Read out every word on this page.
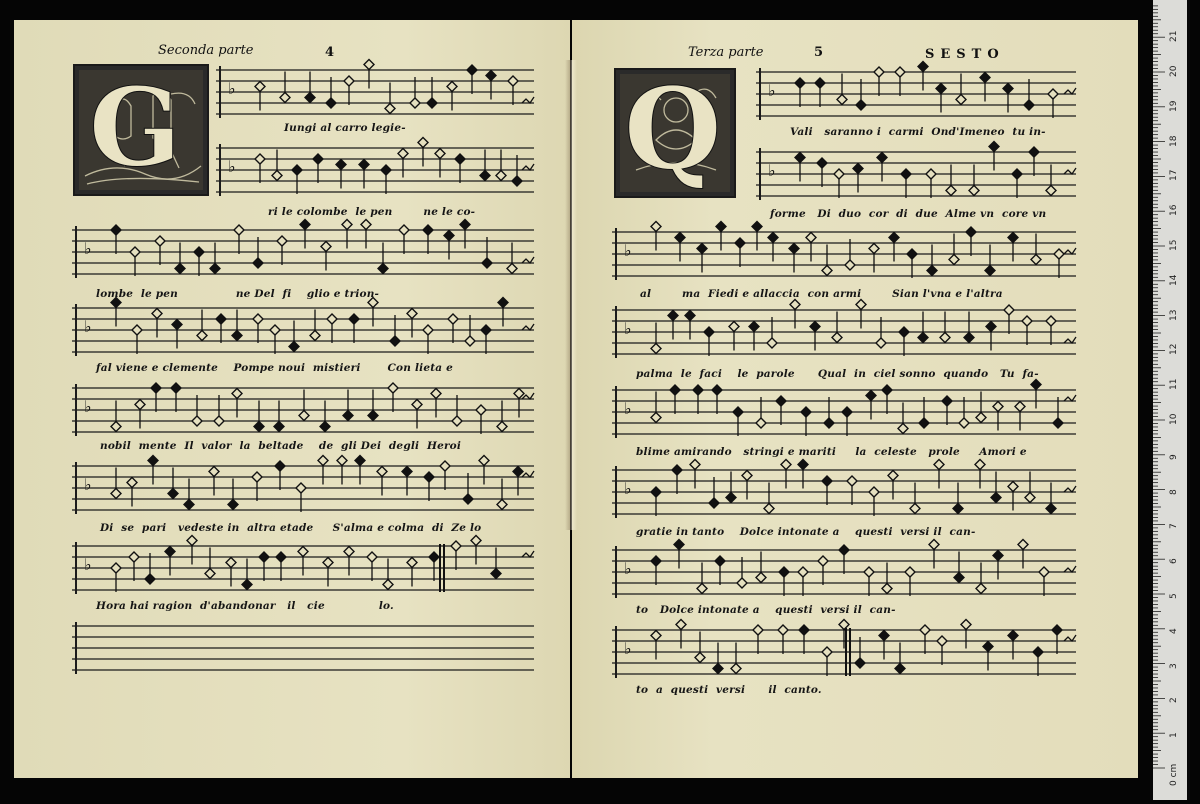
Seconda parte	4	Terza parte	5	SESTO
G	Q
♭
♭
♭
♭
♭
♭
♭
♭
♭
♭
♭
♭
♭
♭
♭
Iungi al carro legie-
ri le colombe  le pen        ne le co-
lombe  le pen               ne Del  fi    glio e trion-
fal viene e clemente    Pompe noui  mistieri       Con lieta e
nobil  mente  Il  valor  la  beltade    de  gli Dei  degli  Heroi
Di  se  pari   vedeste in  altra etade     S'alma e colma  di  Ze lo
Hora hai ragion  d'abandonar   il   cie              lo.
Vali   saranno i  carmi  Ond'Imeneo  tu in-
forme   Di  duo  cor  di  due  Alme vn  core vn
al        ma  Fiedi e allaccia  con armi        Sian l'vna e l'altra
palma  le  faci    le  parole      Qual  in  ciel sonno  quando   Tu  fa-
blime amirando   stringi e mariti     la  celeste   prole     Amori e
gratie in tanto    Dolce intonate a    questi  versi il  can-
to   Dolce intonate a    questi  versi il  can-
to  a  questi  versi      il  canto.
0 cm
1
2
3
4
5
6
7
8
9
10
11
12
13
14
15
16
17
18
19
20
21
